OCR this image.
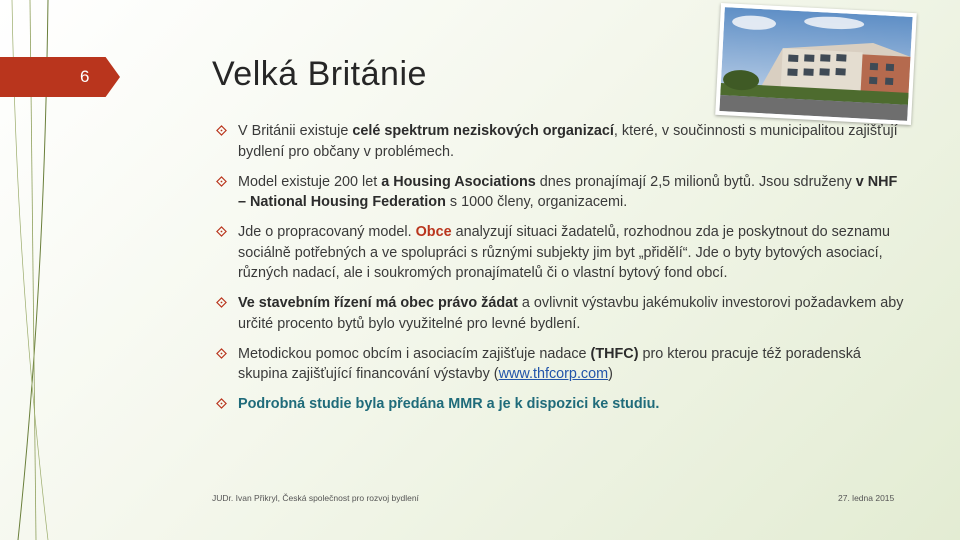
6	Velká Británie
V Británii existuje celé spektrum neziskových organizací, které, v součinnosti s municipalitou zajišťují bydlení pro občany v problémech.
Model existuje 200 let a Housing Asociations dnes pronajímají 2,5 milionů bytů. Jsou sdruženy v NHF – National Housing Federation s 1000 členy, organizacemi.
Jde o propracovaný model. Obce analyzují situaci žadatelů, rozhodnou zda je poskytnout do seznamu sociálně potřebných a ve spolupráci s různými subjekty jim byt „přidělí“. Jde o byty bytových asociací, různých nadací, ale i soukromých pronajímatelů či o vlastní bytový fond obcí.
Ve stavebním řízení má obec právo žádat a ovlivnit výstavbu jakémukoliv investorovi požadavkem aby určité procento bytů bylo využitelné pro levné bydlení.
Metodickou pomoc obcím i asociacím zajišťuje nadace (THFC) pro kterou pracuje též poradenská skupina zajišťující financování výstavby (www.thfcorp.com)
Podrobná studie byla předána MMR a je k dispozici ke studiu.
JUDr. Ivan Přikryl, Česká společnost pro rozvoj bydlení	27. ledna 2015
